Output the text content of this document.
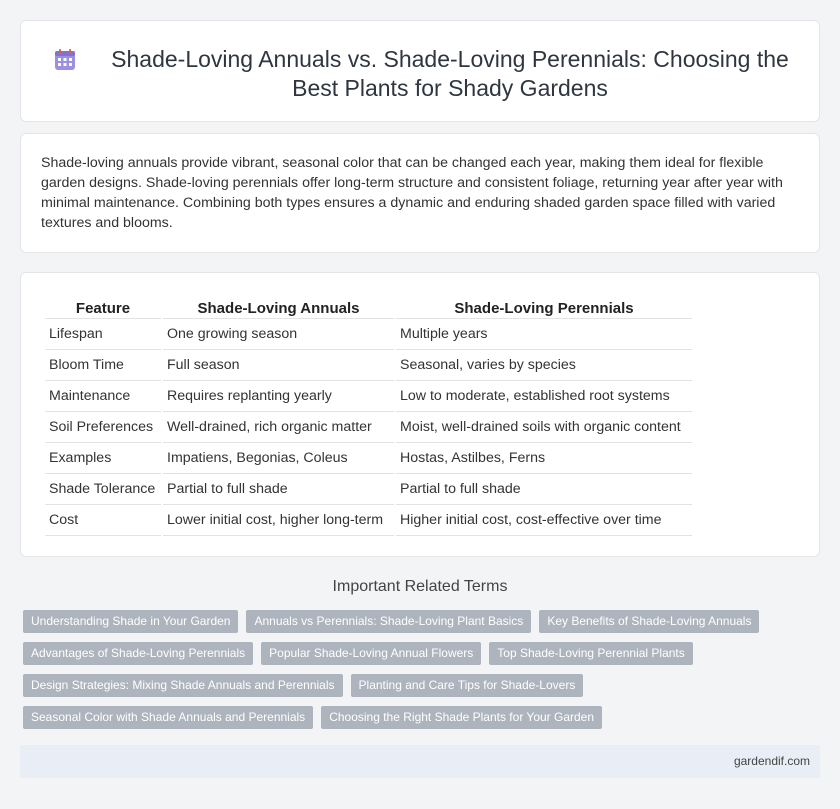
Shade-Loving Annuals vs. Shade-Loving Perennials: Choosing the Best Plants for Shady Gardens

Shade-loving annuals provide vibrant, seasonal color that can be changed each year, making them ideal for flexible garden designs. Shade-loving perennials offer long-term structure and consistent foliage, returning year after year with minimal maintenance. Combining both types ensures a dynamic and enduring shaded garden space filled with varied textures and blooms.

Feature	Shade-Loving Annuals	Shade-Loving Perennials
Lifespan	One growing season	Multiple years
Bloom Time	Full season	Seasonal, varies by species
Maintenance	Requires replanting yearly	Low to moderate, established root systems
Soil Preferences	Well-drained, rich organic matter	Moist, well-drained soils with organic content
Examples	Impatiens, Begonias, Coleus	Hostas, Astilbes, Ferns
Shade Tolerance	Partial to full shade	Partial to full shade
Cost	Lower initial cost, higher long-term	Higher initial cost, cost-effective over time
Important Related Terms
Understanding Shade in Your Garden	Annuals vs Perennials: Shade-Loving Plant Basics	Key Benefits of Shade-Loving Annuals
Advantages of Shade-Loving Perennials	Popular Shade-Loving Annual Flowers	Top Shade-Loving Perennial Plants
Design Strategies: Mixing Shade Annuals and Perennials	Planting and Care Tips for Shade-Lovers
Seasonal Color with Shade Annuals and Perennials	Choosing the Right Shade Plants for Your Garden
gardendif.com
